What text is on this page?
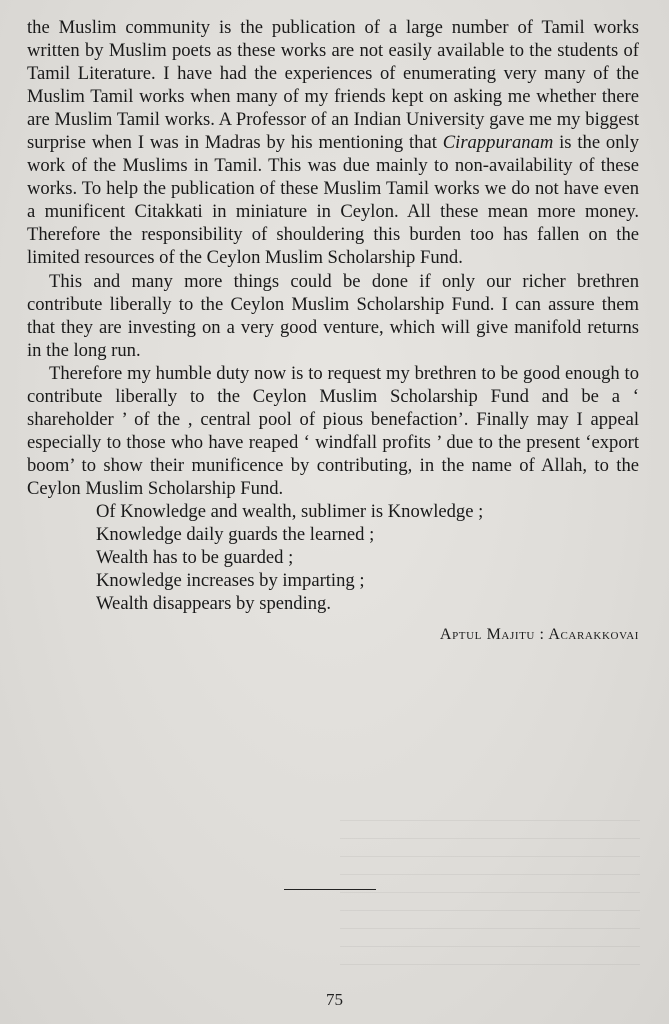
the Muslim community is the publication of a large number of Tamil works written by Muslim poets as these works are not easily available to the students of Tamil Literature. I have had the experiences of enumerating very many of the Muslim Tamil works when many of my friends kept on asking me whether there are Muslim Tamil works. A Professor of an Indian University gave me my biggest surprise when I was in Madras by his mentioning that Cirappuranam is the only work of the Muslims in Tamil. This was due mainly to non-availability of these works. To help the publication of these Muslim Tamil works we do not have even a munificent Citakkati in miniature in Ceylon. All these mean more money. Therefore the responsibility of shouldering this burden too has fallen on the limited resources of the Ceylon Muslim Scholarship Fund.

This and many more things could be done if only our richer brethren contribute liberally to the Ceylon Muslim Scholarship Fund. I can assure them that they are investing on a very good venture, which will give manifold returns in the long run.

Therefore my humble duty now is to request my brethren to be good enough to contribute liberally to the Ceylon Muslim Scholarship Fund and be a ‘ shareholder ’ of the , central pool of pious benefaction’. Finally may I appeal especially to those who have reaped ‘ windfall profits ’ due to the present ‘export boom’ to show their munificence by contributing, in the name of Allah, to the Ceylon Muslim Scholarship Fund.

Of Knowledge and wealth, sublimer is Knowledge ;
Knowledge daily guards the learned ;
Wealth has to be guarded ;
Knowledge increases by imparting ;
Wealth disappears by spending.
Aptul Majitu : Acarakkovai
75
